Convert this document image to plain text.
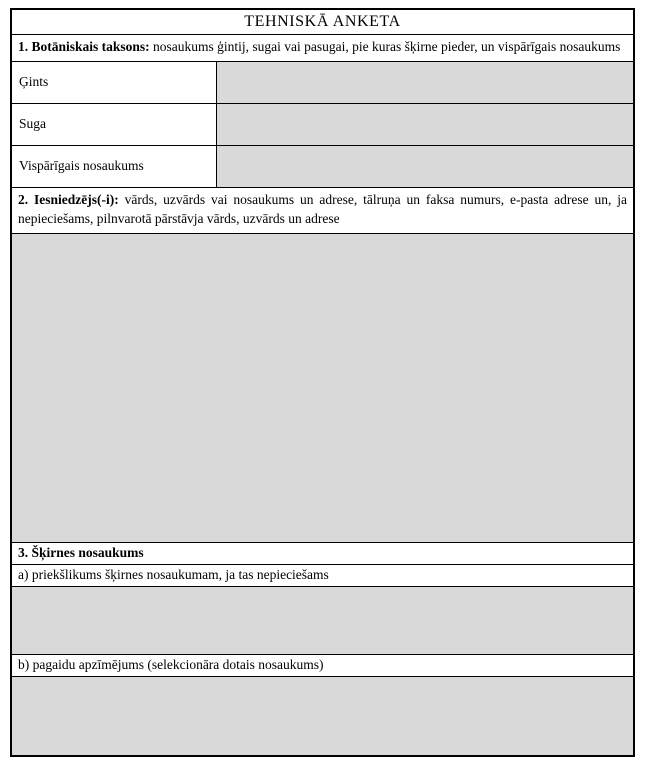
TEHNISKĀ ANKETA
1. Botāniskais taksons: nosaukums ģintij, sugai vai pasugai, pie kuras šķirne pieder, un vispārīgais nosaukums
Ģints
Suga
Vispārīgais nosaukums
2. Iesniedzējs(-i): vārds, uzvārds vai nosaukums un adrese, tālruņa un faksa numurs, e-pasta adrese un, ja nepieciešams, pilnvarotā pārstāvja vārds, uzvārds un adrese
3. Šķirnes nosaukums
a) priekšlikums šķirnes nosaukumam, ja tas nepieciešams
b) pagaidu apzīmējums (selekcionāra dotais nosaukums)
